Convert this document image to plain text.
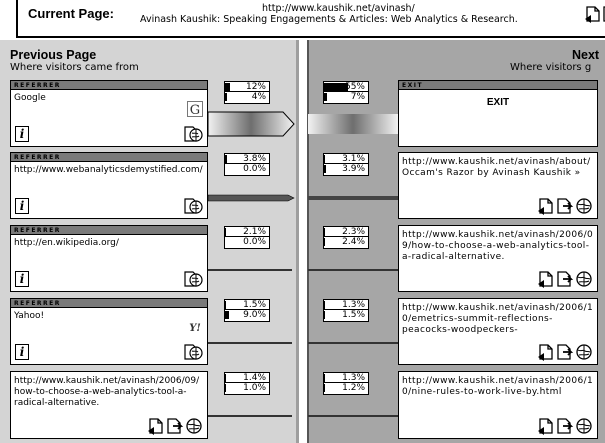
Current Page:	http://www.kaushik.net/avinash/
Avinash Kaushik: Speaking Engagements & Articles: Web Analytics & Research.
Previous Page
Where visitors came from
Next
Where visitors g
REFERRER
Google
G
i
REFERRER
http://www.webanalyticsdemystified.com/
i
REFERRER
http://en.wikipedia.org/
i
REFERRER
Yahoo!
Y!
i
http://www.kaushik.net/avinash/2006/09/how-to-choose-a-web-analytics-tool-a-radical-alternative.
12%
4%
3.8%
0.0%
2.1%
0.0%
1.5%
9.0%
1.4%
1.0%
55%
7%
3.1%
3.9%
2.3%
2.4%
1.3%
1.5%
1.3%
1.2%
EXIT
EXIT
http://www.kaushik.net/avinash/about/
Occam's Razor by Avinash Kaushik »
http://www.kaushik.net/avinash/2006/09/how-to-choose-a-web-analytics-tool-a-radical-alternative.
http://www.kaushik.net/avinash/2006/10/emetrics-summit-reflections-peacocks-woodpeckers-
http://www.kaushik.net/avinash/2006/10/nine-rules-to-work-live-by.html
